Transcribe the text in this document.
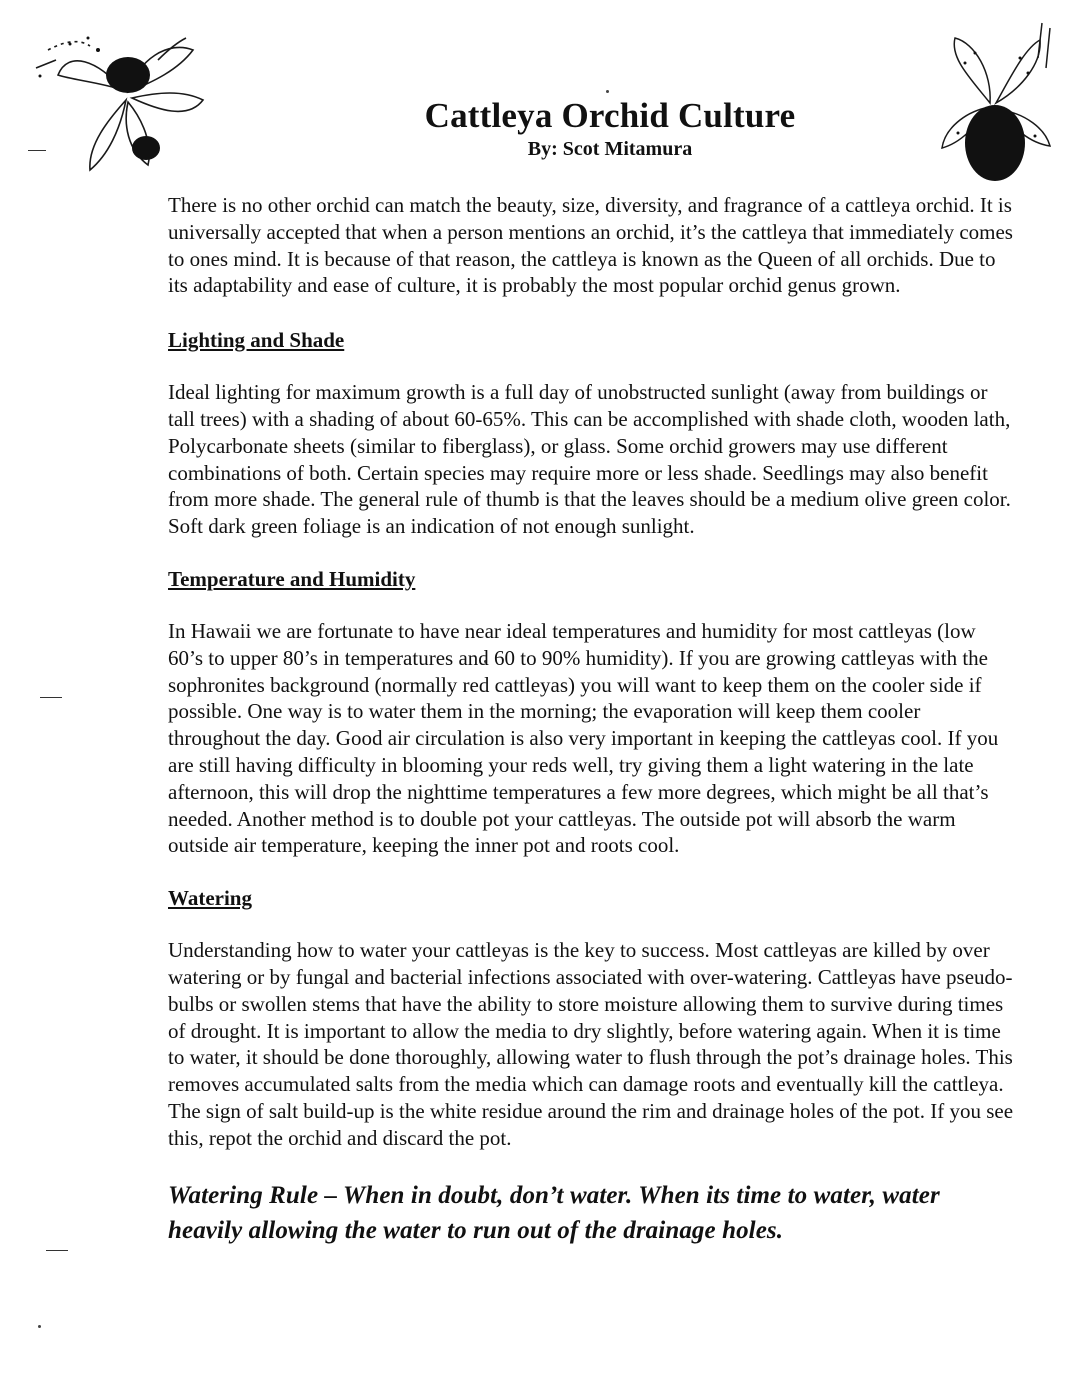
Cattleya Orchid Culture
By: Scot Mitamura

There is no other orchid can match the beauty, size, diversity, and fragrance of a cattleya orchid. It is universally accepted that when a person mentions an orchid, it’s the cattleya that immediately comes to ones mind. It is because of that reason, the cattleya is known as the Queen of all orchids. Due to its adaptability and ease of culture, it is probably the most popular orchid genus grown.

Lighting and Shade

Ideal lighting for maximum growth is a full day of unobstructed sunlight (away from buildings or tall trees) with a shading of about 60-65%. This can be accomplished with shade cloth, wooden lath, Polycarbonate sheets (similar to fiberglass), or glass. Some orchid growers may use different combinations of both. Certain species may require more or less shade. Seedlings may also benefit from more shade. The general rule of thumb is that the leaves should be a medium olive green color. Soft dark green foliage is an indication of not enough sunlight.

Temperature and Humidity

In Hawaii we are fortunate to have near ideal temperatures and humidity for most cattleyas (low 60’s to upper 80’s in temperatures and 60 to 90% humidity). If you are growing cattleyas with the sophronites background (normally red cattleyas) you will want to keep them on the cooler side if possible. One way is to water them in the morning; the evaporation will keep them cooler throughout the day. Good air circulation is also very important in keeping the cattleyas cool. If you are still having difficulty in blooming your reds well, try giving them a light watering in the late afternoon, this will drop the nighttime temperatures a few more degrees, which might be all that’s needed. Another method is to double pot your cattleyas. The outside pot will absorb the warm outside air temperature, keeping the inner pot and roots cool.

Watering

Understanding how to water your cattleyas is the key to success. Most cattleyas are killed by over watering or by fungal and bacterial infections associated with over-watering. Cattleyas have pseudo-bulbs or swollen stems that have the ability to store moisture allowing them to survive during times of drought. It is important to allow the media to dry slightly, before watering again. When it is time to water, it should be done thoroughly, allowing water to flush through the pot’s drainage holes. This removes accumulated salts from the media which can damage roots and eventually kill the cattleya. The sign of salt build-up is the white residue around the rim and drainage holes of the pot. If you see this, repot the orchid and discard the pot.

Watering Rule – When in doubt, don’t water. When its time to water, water heavily allowing the water to run out of the drainage holes.
